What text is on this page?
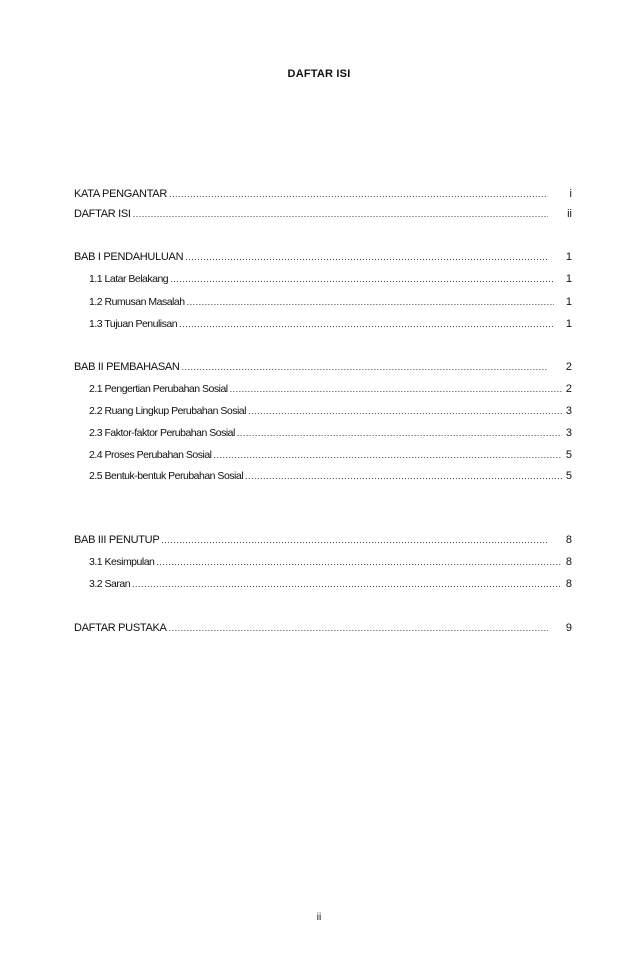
DAFTAR ISI
KATA PENGANTAR .....	i
DAFTAR ISI .....	ii
BAB I PENDAHULUAN .....	1
1.1 Latar Belakang .....	1
1.2 Rumusan Masalah .....	1
1.3 Tujuan Penulisan .....	1
BAB II PEMBAHASAN .....	2
2.1 Pengertian Perubahan Sosial .....	2
2.2 Ruang Lingkup Perubahan Sosial .....	3
2.3 Faktor-faktor Perubahan Sosial .....	3
2.4 Proses Perubahan Sosial .....	5
2.5 Bentuk-bentuk Perubahan Sosial .....	5
BAB III PENUTUP .....	8
3.1 Kesimpulan .....	8
3.2 Saran .....	8
DAFTAR PUSTAKA .....	9
ii
